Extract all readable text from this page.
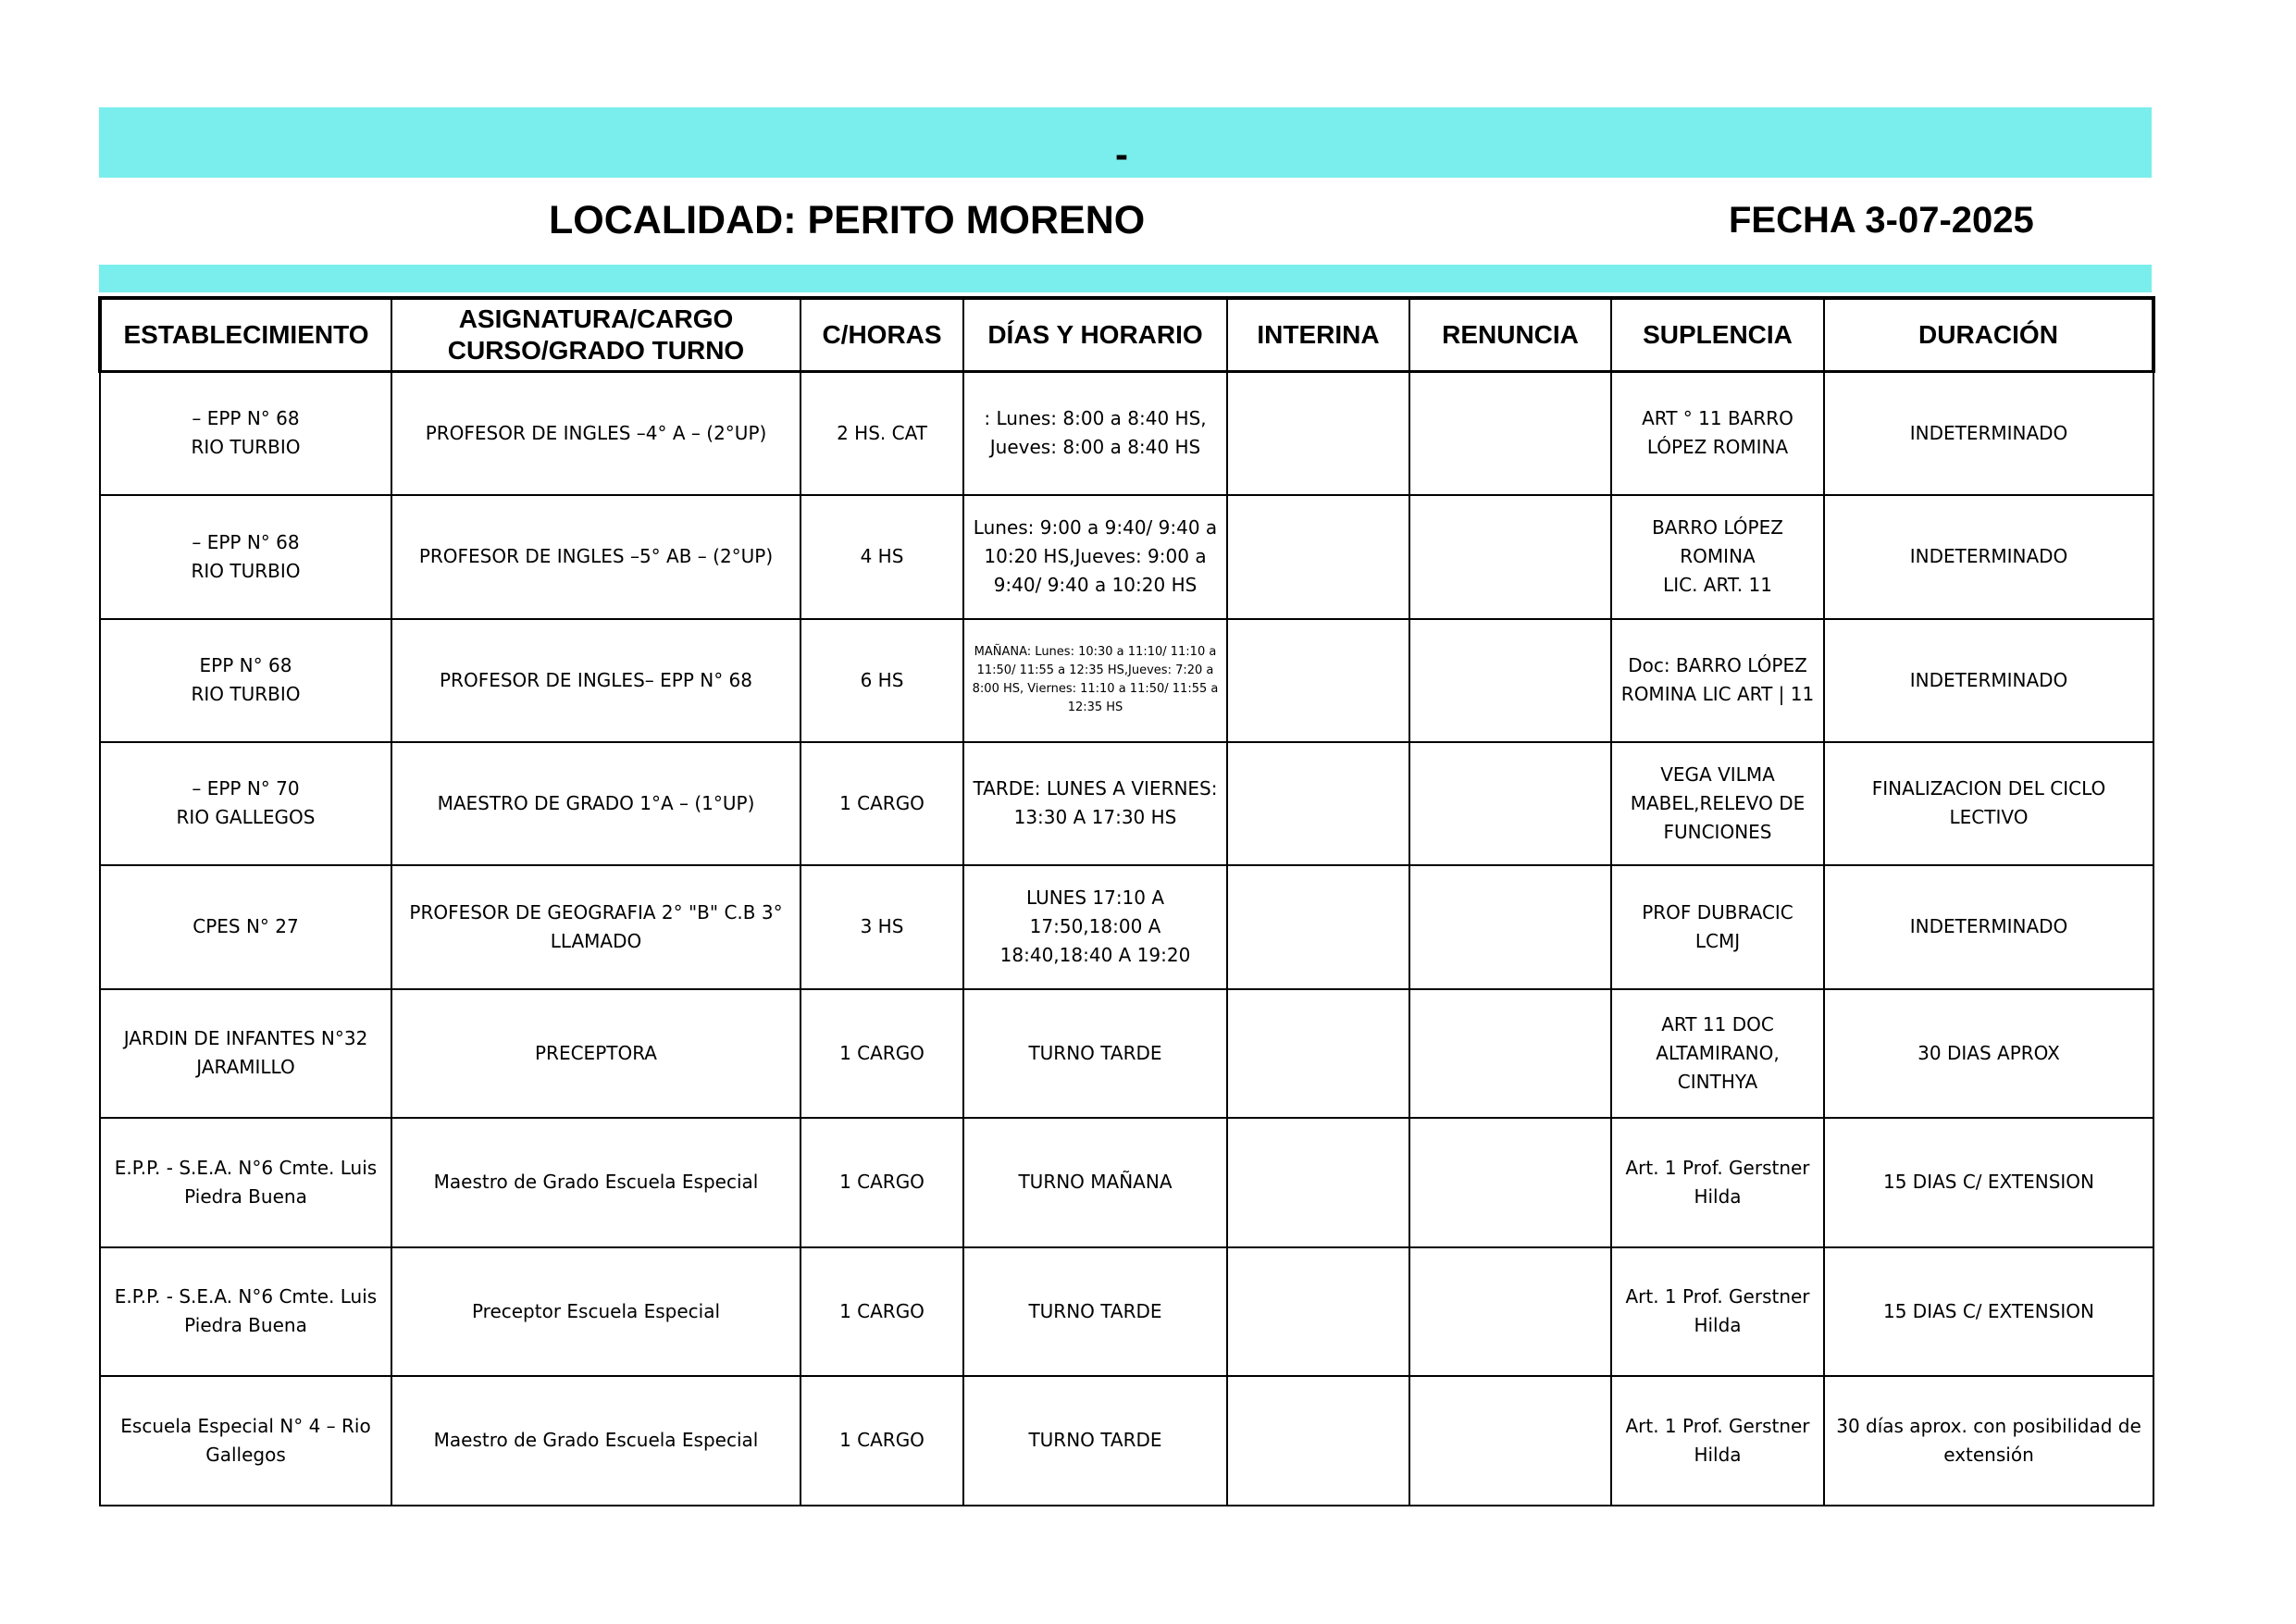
-
LOCALIDAD: PERITO MORENO	FECHA 3-07-2025
ESTABLECIMIENTO	ASIGNATURA/CARGO
CURSO/GRADO TURNO	C/HORAS	DÍAS Y HORARIO	INTERINA	RENUNCIA	SUPLENCIA	DURACIÓN
– EPP N° 68
RIO TURBIO	PROFESOR DE INGLES –4° A – (2°UP)	2 HS. CAT	: Lunes: 8:00 a 8:40 HS,
Jueves: 8:00 a 8:40 HS			ART ° 11 BARRO
LÓPEZ ROMINA	INDETERMINADO
– EPP N° 68
RIO TURBIO	PROFESOR DE INGLES –5° AB – (2°UP)	4 HS	Lunes: 9:00 a 9:40/ 9:40 a
10:20 HS,Jueves: 9:00 a
9:40/ 9:40 a 10:20 HS			BARRO LÓPEZ ROMINA
LIC. ART. 11	INDETERMINADO
EPP N° 68
RIO TURBIO	PROFESOR DE INGLES– EPP N° 68	6 HS	MAÑANA: Lunes: 10:30 a 11:10/ 11:10 a
11:50/ 11:55 a 12:35 HS,Jueves: 7:20 a
8:00 HS, Viernes: 11:10 a 11:50/ 11:55 a
12:35 HS			Doc: BARRO LÓPEZ
ROMINA LIC ART | 11	INDETERMINADO
– EPP N° 70
RIO GALLEGOS	MAESTRO DE GRADO 1°A – (1°UP)	1 CARGO	TARDE: LUNES A VIERNES:
13:30 A 17:30 HS			VEGA VILMA
MABEL,RELEVO DE
FUNCIONES	FINALIZACION DEL CICLO LECTIVO
CPES N° 27	PROFESOR DE GEOGRAFIA 2° "B" C.B 3°
LLAMADO	3 HS	LUNES 17:10 A 17:50,18:00 A
18:40,18:40 A 19:20			PROF DUBRACIC LCMJ	INDETERMINADO
JARDIN DE INFANTES N°32
JARAMILLO	PRECEPTORA	1 CARGO	TURNO TARDE			ART 11 DOC
ALTAMIRANO,
CINTHYA	30 DIAS APROX
E.P.P. - S.E.A. N°6 Cmte. Luis
Piedra Buena	Maestro de Grado Escuela Especial	1 CARGO	TURNO MAÑANA			Art. 1 Prof. Gerstner
Hilda	15 DIAS C/ EXTENSION
E.P.P. - S.E.A. N°6 Cmte. Luis
Piedra Buena	Preceptor Escuela Especial	1 CARGO	TURNO TARDE			Art. 1 Prof. Gerstner
Hilda	15 DIAS C/ EXTENSION
Escuela Especial N° 4 – Rio
Gallegos	Maestro de Grado Escuela Especial	1 CARGO	TURNO TARDE			Art. 1 Prof. Gerstner
Hilda	30 días aprox. con posibilidad de
extensión
